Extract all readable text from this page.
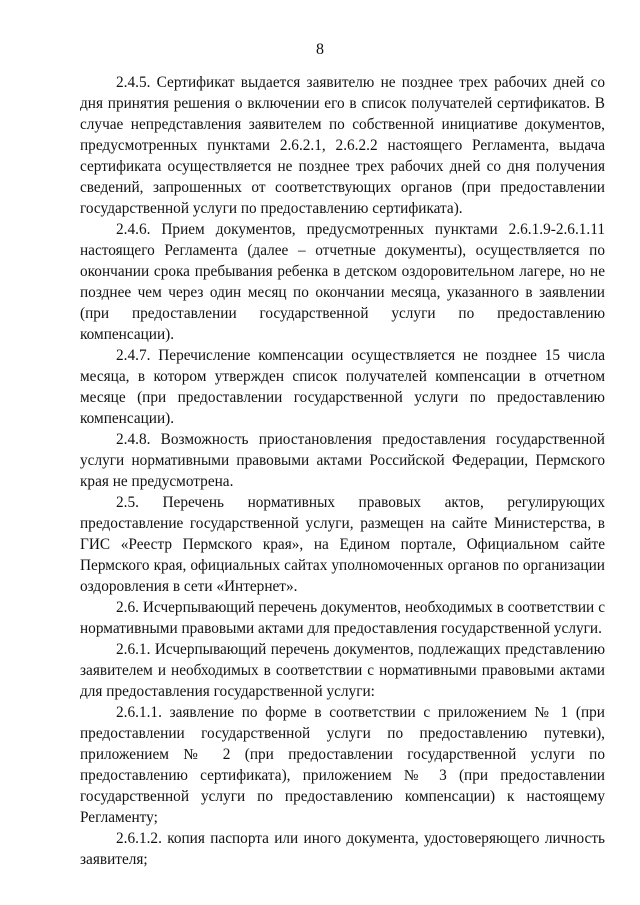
8

2.4.5. Сертификат выдается заявителю не позднее трех рабочих дней со дня принятия решения о включении его в список получателей сертификатов. В случае непредставления заявителем по собственной инициативе документов, предусмотренных пунктами 2.6.2.1, 2.6.2.2 настоящего Регламента, выдача сертификата осуществляется не позднее трех рабочих дней со дня получения сведений, запрошенных от соответствующих органов (при предоставлении государственной услуги по предоставлению сертификата).

2.4.6. Прием документов, предусмотренных пунктами 2.6.1.9-2.6.1.11 настоящего Регламента (далее – отчетные документы), осуществляется по окончании срока пребывания ребенка в детском оздоровительном лагере, но не позднее чем через один месяц по окончании месяца, указанного в заявлении (при предоставлении государственной услуги по предоставлению компенсации).

2.4.7. Перечисление компенсации осуществляется не позднее 15 числа месяца, в котором утвержден список получателей компенсации в отчетном месяце (при предоставлении государственной услуги по предоставлению компенсации).

2.4.8. Возможность приостановления предоставления государственной услуги нормативными правовыми актами Российской Федерации, Пермского края не предусмотрена.

2.5. Перечень нормативных правовых актов, регулирующих предоставление государственной услуги, размещен на сайте Министерства, в ГИС «Реестр Пермского края», на Едином портале, Официальном сайте Пермского края, официальных сайтах уполномоченных органов по организации оздоровления в сети «Интернет».

2.6. Исчерпывающий перечень документов, необходимых в соответствии с нормативными правовыми актами для предоставления государственной услуги.

2.6.1. Исчерпывающий перечень документов, подлежащих представлению заявителем и необходимых в соответствии с нормативными правовыми актами для предоставления государственной услуги:

2.6.1.1. заявление по форме в соответствии с приложением № 1 (при предоставлении государственной услуги по предоставлению путевки), приложением № 2 (при предоставлении государственной услуги по предоставлению сертификата), приложением № 3 (при предоставлении государственной услуги по предоставлению компенсации) к настоящему Регламенту;

2.6.1.2. копия паспорта или иного документа, удостоверяющего личность заявителя;
